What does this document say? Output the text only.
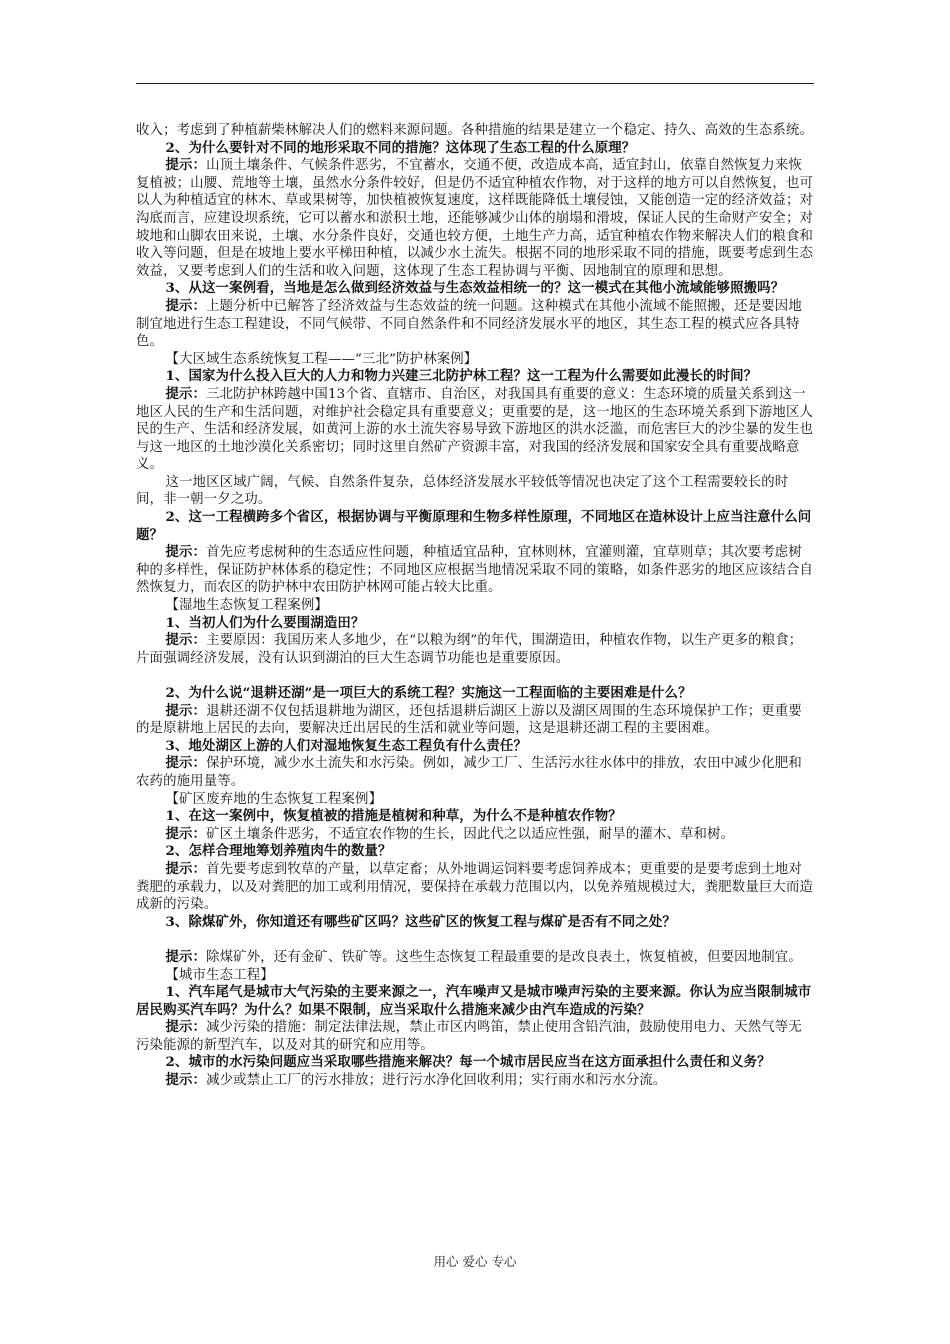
收入；考虑到了种植薪柴林解决人们的燃料来源问题。各种措施的结果是建立一个稳定、持久、高效的生态系统。

2、为什么要针对不同的地形采取不同的措施？这体现了生态工程的什么原理？

提示：山顶土壤条件、气候条件恶劣，不宜蓄水，交通不便，改造成本高，适宜封山，依靠自然恢复力来恢复植被；山腰、荒地等土壤，虽然水分条件较好，但是仍不适宜种植农作物，对于这样的地方可以自然恢复，也可以人为种植适宜的林木、草或果树等，加快植被恢复速度，这样既能降低土壤侵蚀，又能创造一定的经济效益；对沟底而言，应建设坝系统，它可以蓄水和淤积土地，还能够减少山体的崩塌和滑坡，保证人民的生命财产安全；对坡地和山脚农田来说，土壤、水分条件良好，交通也较方便，土地生产力高，适宜种植农作物来解决人们的粮食和收入等问题，但是在坡地上要水平梯田种植，以减少水土流失。根据不同的地形采取不同的措施，既要考虑到生态效益，又要考虑到人们的生活和收入问题，这体现了生态工程协调与平衡、因地制宜的原理和思想。

3、从这一案例看，当地是怎么做到经济效益与生态效益相统一的？这一模式在其他小流域能够照搬吗？

提示：上题分析中已解答了经济效益与生态效益的统一问题。这种模式在其他小流域不能照搬，还是要因地制宜地进行生态工程建设，不同气候带、不同自然条件和不同经济发展水平的地区，其生态工程的模式应各具特色。

【大区域生态系统恢复工程——“三北”防护林案例】

1、国家为什么投入巨大的人力和物力兴建三北防护林工程？这一工程为什么需要如此漫长的时间？

提示：三北防护林跨越中国13个省、直辖市、自治区，对我国具有重要的意义：生态环境的质量关系到这一地区人民的生产和生活问题，对维护社会稳定具有重要意义；更重要的是，这一地区的生态环境关系到下游地区人民的生产、生活和经济发展，如黄河上游的水土流失容易导致下游地区的洪水泛滥，而危害巨大的沙尘暴的发生也与这一地区的土地沙漠化关系密切；同时这里自然矿产资源丰富，对我国的经济发展和国家安全具有重要战略意义。

这一地区区域广阔，气候、自然条件复杂，总体经济发展水平较低等情况也决定了这个工程需要较长的时间，非一朝一夕之功。

2、这一工程横跨多个省区，根据协调与平衡原理和生物多样性原理，不同地区在造林设计上应当注意什么问题？

提示：首先应考虑树种的生态适应性问题，种植适宜品种，宜林则林，宜灌则灌，宜草则草；其次要考虑树种的多样性，保证防护林体系的稳定性；不同地区应根据当地情况采取不同的策略，如条件恶劣的地区应该结合自然恢复力，而农区的防护林中农田防护林网可能占较大比重。

【湿地生态恢复工程案例】

1、当初人们为什么要围湖造田？

提示：主要原因：我国历来人多地少，在“以粮为纲”的年代，围湖造田，种植农作物，以生产更多的粮食；片面强调经济发展，没有认识到湖泊的巨大生态调节功能也是重要原因。

2、为什么说“退耕还湖”是一项巨大的系统工程？实施这一工程面临的主要困难是什么？

提示：退耕还湖不仅包括退耕地为湖区，还包括退耕后湖区上游以及湖区周围的生态环境保护工作；更重要的是原耕地上居民的去向，要解决迁出居民的生活和就业等问题，这是退耕还湖工程的主要困难。

3、地处湖区上游的人们对湿地恢复生态工程负有什么责任？

提示：保护环境，减少水土流失和水污染。例如，减少工厂、生活污水往水体中的排放，农田中减少化肥和农药的施用量等。

【矿区废弃地的生态恢复工程案例】

1、在这一案例中，恢复植被的措施是植树和种草，为什么不是种植农作物？

提示：矿区土壤条件恶劣，不适宜农作物的生长，因此代之以适应性强，耐旱的灌木、草和树。

2、怎样合理地筹划养殖肉牛的数量？

提示：首先要考虑到牧草的产量，以草定畜；从外地调运饲料要考虑饲养成本；更重要的是要考虑到土地对粪肥的承载力，以及对粪肥的加工或利用情况，要保持在承载力范围以内，以免养殖规模过大，粪肥数量巨大而造成新的污染。

3、除煤矿外，你知道还有哪些矿区吗？这些矿区的恢复工程与煤矿是否有不同之处？

提示：除煤矿外，还有金矿、铁矿等。这些生态恢复工程最重要的是改良表土，恢复植被，但要因地制宜。

【城市生态工程】

1、汽车尾气是城市大气污染的主要来源之一，汽车噪声又是城市噪声污染的主要来源。你认为应当限制城市居民购买汽车吗？为什么？如果不限制，应当采取什么措施来减少由汽车造成的污染？

提示：减少污染的措施：制定法律法规，禁止市区内鸣笛，禁止使用含铅汽油，鼓励使用电力、天然气等无污染能源的新型汽车，以及对其的研究和应用等。

2、城市的水污染问题应当采取哪些措施来解决？每一个城市居民应当在这方面承担什么责任和义务？

提示：减少或禁止工厂的污水排放；进行污水净化回收利用；实行雨水和污水分流。

用心 爱心 专心
